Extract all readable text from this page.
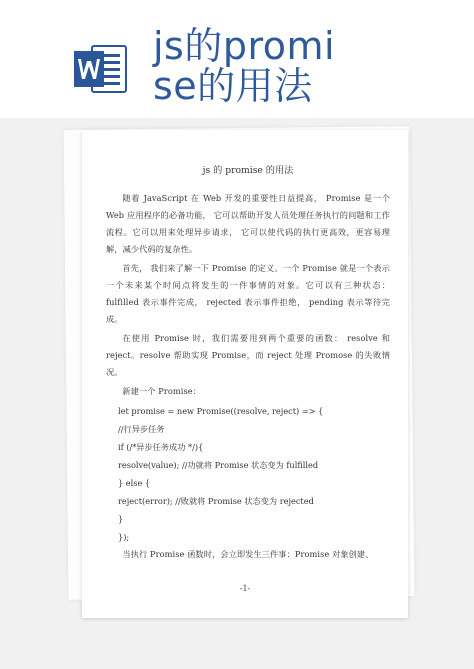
js的promi
se的用法
js 的 promise 的用法

随着 JavaScript 在 Web 开发的重要性日益提高， Promise 是一个 Web 应用程序的必备功能， 它可以帮助开发人员处理任务执行的问题和工作流程。它可以用来处理异步请求， 它可以使代码的执行更高效，更容易理解，减少代码的复杂性。

首先， 我们来了解一下 Promise 的定义。一个 Promise 就是一个表示一个未来某个时间点将发生的一件事情的对象。它可以有三种状态： fulfilled 表示事件完成， rejected 表示事件拒绝， pending 表示等待完成。

在使用 Promise 时，我们需要用到两个重要的函数： resolve 和 reject。resolve 帮助实现 Promise，而 reject 处理 Promose 的失败情况。

新建一个 Promise：

let promise = new Promise((resolve, reject) => {
//行异步任务
if (/*异步任务成功 */){
resolve(value); //功就将 Promise 状态变为 fulfilled
} else {
reject(error); //败就将 Promise 状态变为 rejected
}
});

当执行 Promise 函数时，会立即发生三件事：Promise 对象创建、

-1-
